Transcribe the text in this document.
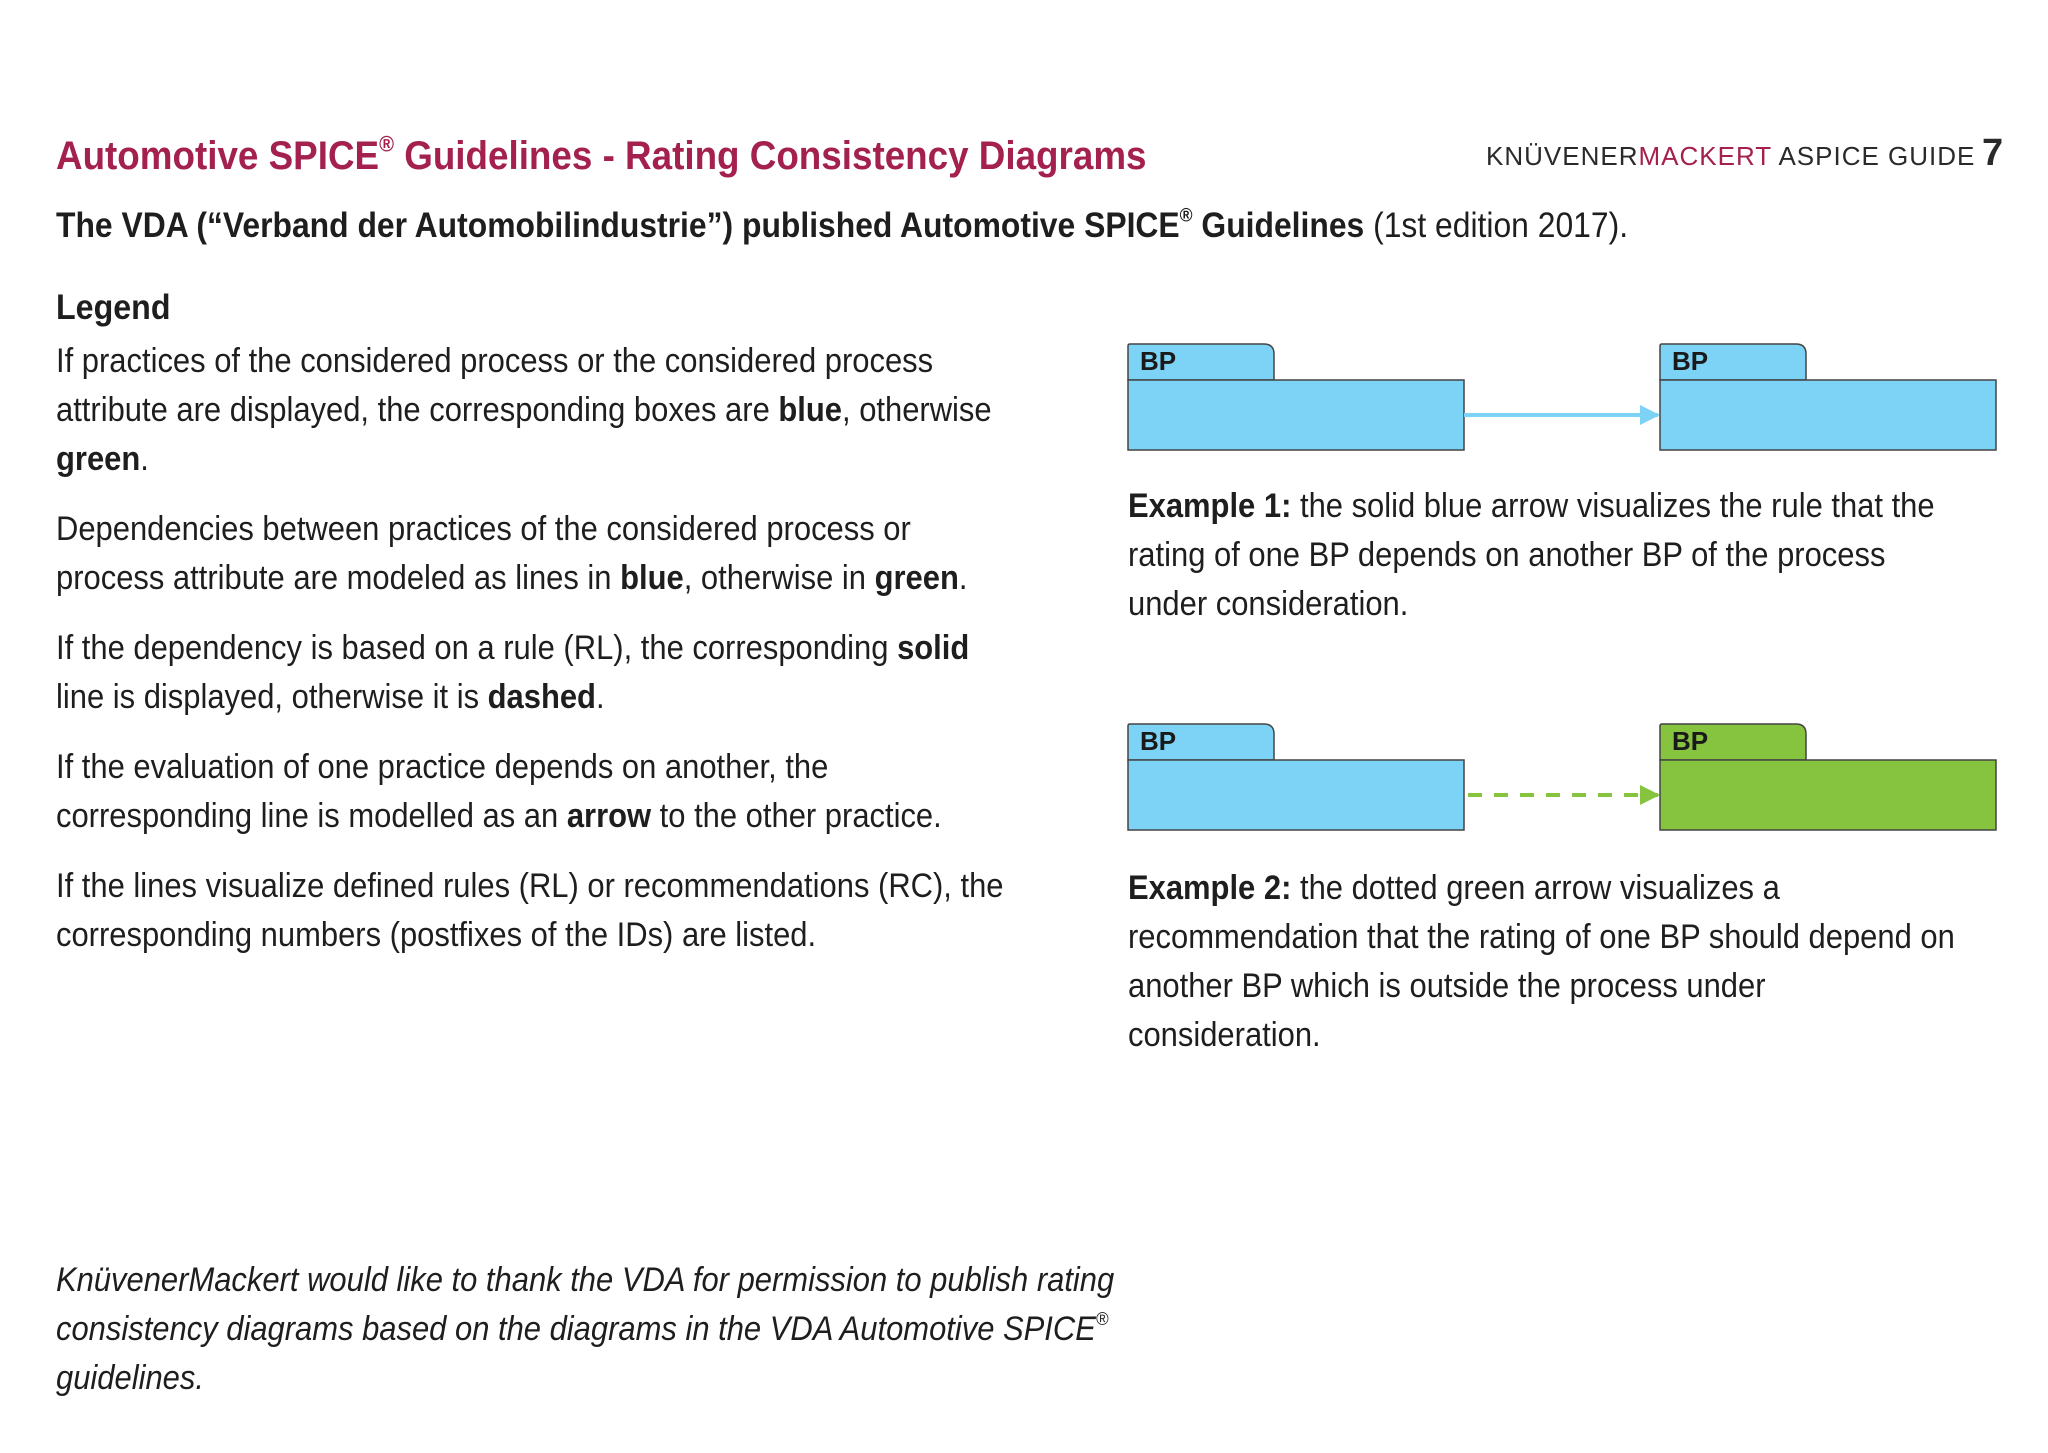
Automotive SPICE® Guidelines - Rating Consistency Diagrams	KNÜVENERMACKERT ASPICE GUIDE 7
The VDA (“Verband der Automobilindustrie”) published Automotive SPICE® Guidelines (1st edition 2017).
Legend
If practices of the considered process or the considered process attribute are displayed, the corresponding boxes are blue, otherwise green.
Dependencies between practices of the considered process or process attribute are modeled as lines in blue, otherwise in green.
If the dependency is based on a rule (RL), the corresponding solid line is displayed, otherwise it is dashed.
If the evaluation of one practice depends on another, the corresponding line is modelled as an arrow to the other practice.
If the lines visualize defined rules (RL) or recommendations (RC), the corresponding numbers (postfixes of the IDs) are listed.
BP	BP
Example 1: the solid blue arrow visualizes the rule that the rating of one BP depends on another BP of the process under consideration.
BP	BP
Example 2: the dotted green arrow visualizes a recommendation that the rating of one BP should depend on another BP which is outside the process under consideration.
KnüvenerMackert would like to thank the VDA for permission to publish rating consistency diagrams based on the diagrams in the VDA Automotive SPICE® guidelines.
